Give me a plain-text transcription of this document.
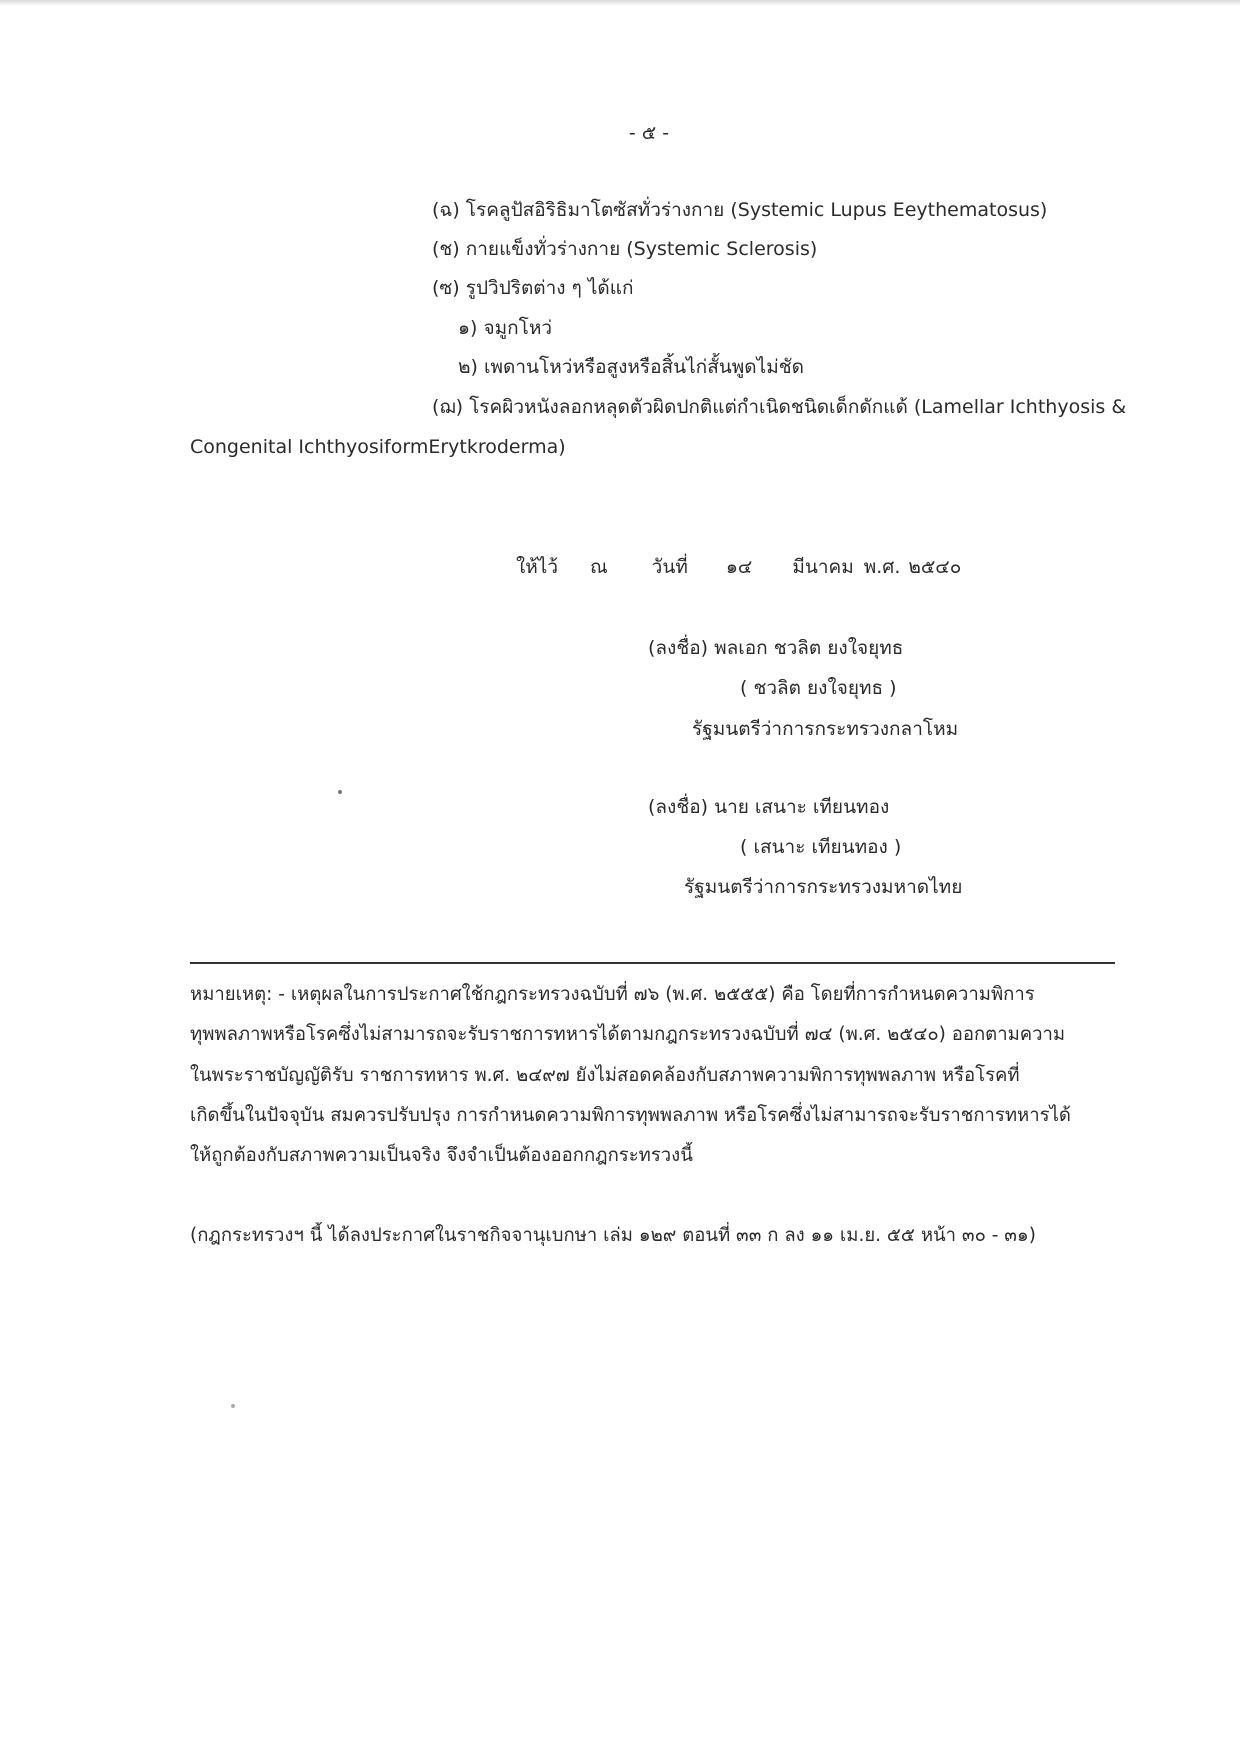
- ๕ -
(ฉ) โรคลูปัสอิริธิมาโตซัสทั่วร่างกาย (Systemic Lupus Eeythematosus)
(ช) กายแข็งทั่วร่างกาย (Systemic Sclerosis)
(ซ) รูปวิปริตต่าง ๆ ได้แก่
๑) จมูกโหว่
๒) เพดานโหว่หรือสูงหรือสิ้นไก่สั้นพูดไม่ชัด
(ฌ) โรคผิวหนังลอกหลุดตัวผิดปกติแต่กำเนิดชนิดเด็กดักแด้ (Lamellar Ichthyosis &
Congenital IchthyosiformErytkroderma)
ให้ไว้ ณ วันที่ ๑๔ มีนาคม พ.ศ. ๒๕๔๐
(ลงชื่อ) พลเอก ชวลิต ยงใจยุทธ
( ชวลิต ยงใจยุทธ )
รัฐมนตรีว่าการกระทรวงกลาโหม
(ลงชื่อ) นาย เสนาะ เทียนทอง
( เสนาะ เทียนทอง )
รัฐมนตรีว่าการกระทรวงมหาดไทย
หมายเหตุ: - เหตุผลในการประกาศใช้กฎกระทรวงฉบับที่ ๗๖ (พ.ศ. ๒๕๕๕) คือ โดยที่การกำหนดความพิการ
ทุพพลภาพหรือโรคซึ่งไม่สามารถจะรับราชการทหารได้ตามกฎกระทรวงฉบับที่ ๗๔ (พ.ศ. ๒๕๔๐) ออกตามความ
ในพระราชบัญญัติรับ ราชการทหาร พ.ศ. ๒๔๙๗ ยังไม่สอดคล้องกับสภาพความพิการทุพพลภาพ หรือโรคที่
เกิดขึ้นในปัจจุบัน สมควรปรับปรุง การกำหนดความพิการทุพพลภาพ หรือโรคซึ่งไม่สามารถจะรับราชการทหารได้
ให้ถูกต้องกับสภาพความเป็นจริง จึงจำเป็นต้องออกกฎกระทรวงนี้
(กฎกระทรวงฯ นี้ ได้ลงประกาศในราชกิจจานุเบกษา เล่ม ๑๒๙ ตอนที่ ๓๓ ก ลง ๑๑ เม.ย. ๕๕ หน้า ๓๐ - ๓๑)
